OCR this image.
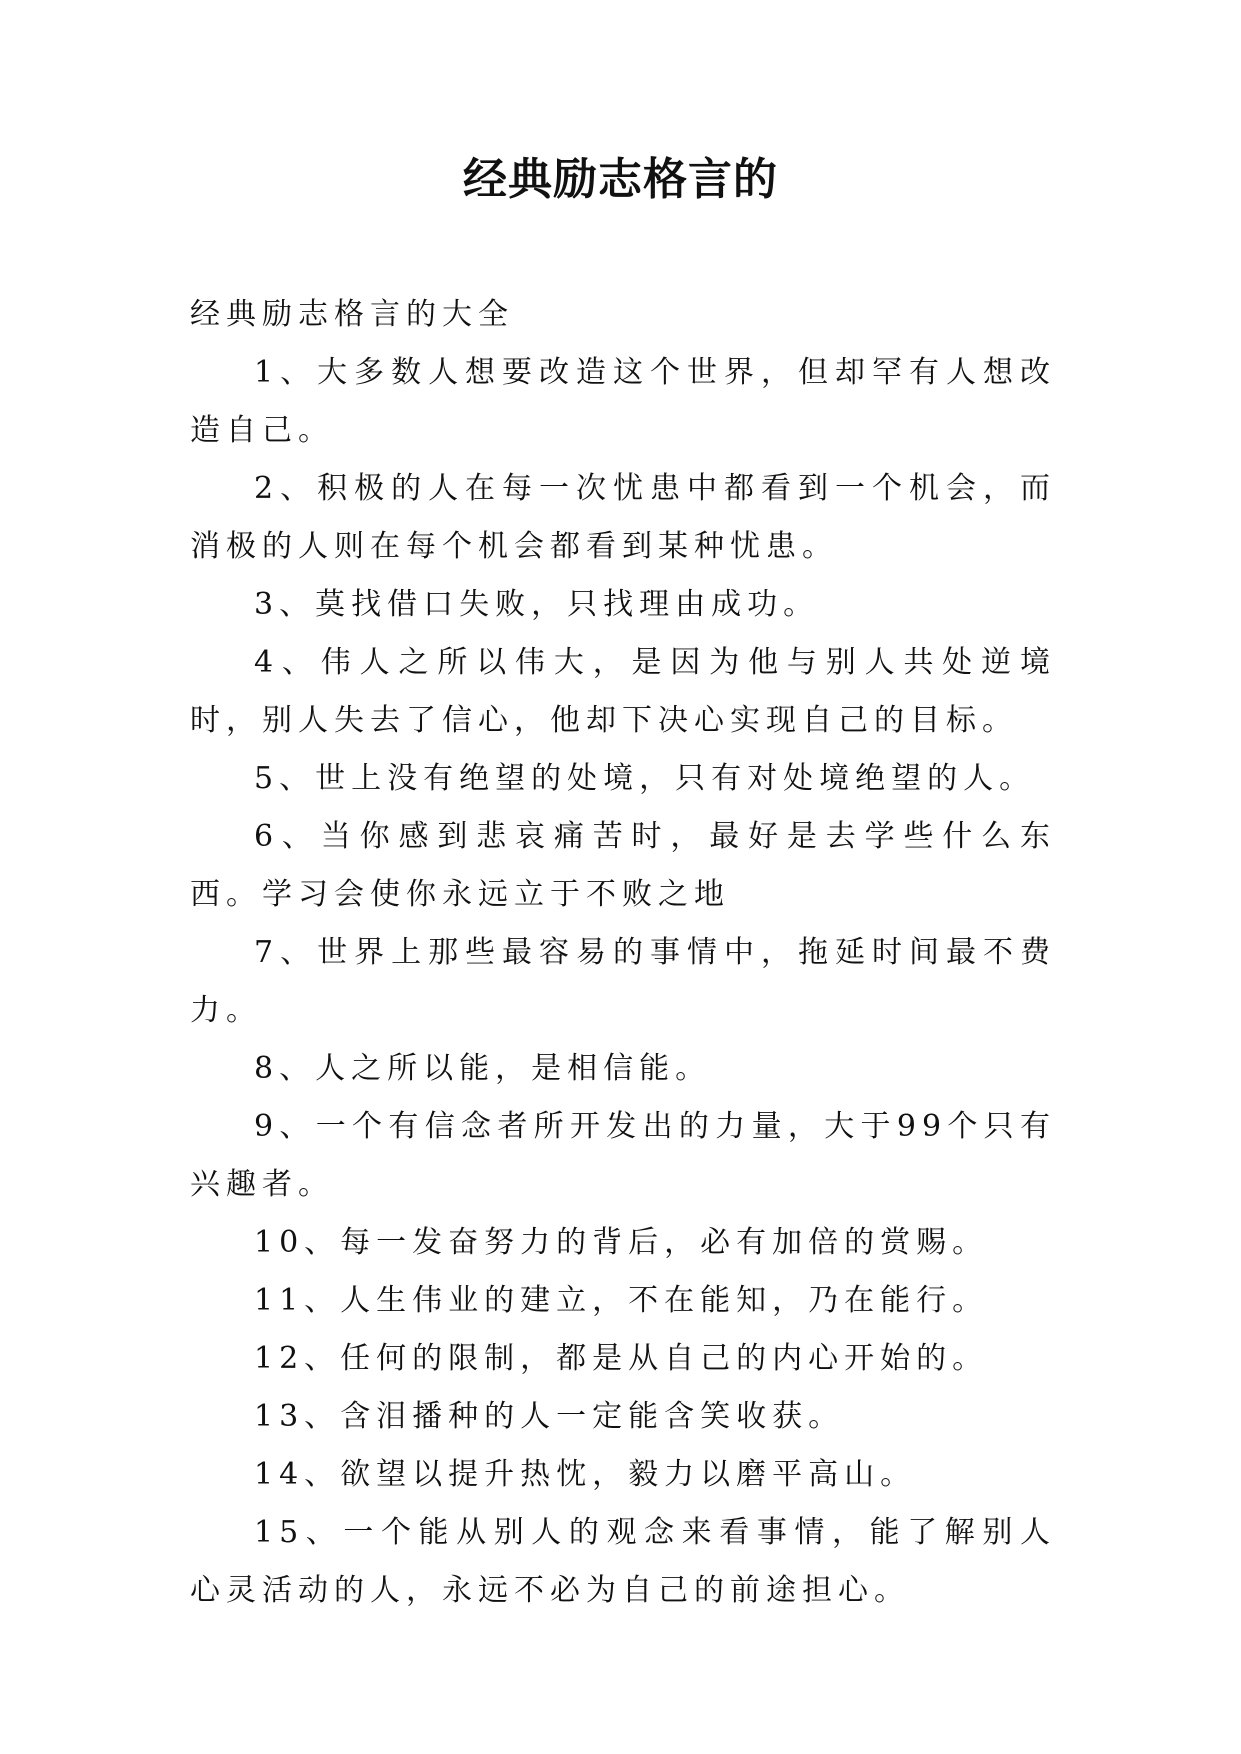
经典励志格言的

经典励志格言的大全

1、大多数人想要改造这个世界，但却罕有人想改造自己。
2、积极的人在每一次忧患中都看到一个机会，而消极的人则在每个机会都看到某种忧患。
3、莫找借口失败，只找理由成功。
4、伟人之所以伟大，是因为他与别人共处逆境时，别人失去了信心，他却下决心实现自己的目标。
5、世上没有绝望的处境，只有对处境绝望的人。
6、当你感到悲哀痛苦时，最好是去学些什么东西。学习会使你永远立于不败之地
7、世界上那些最容易的事情中，拖延时间最不费力。
8、人之所以能，是相信能。
9、一个有信念者所开发出的力量，大于99个只有兴趣者。
10、每一发奋努力的背后，必有加倍的赏赐。
11、人生伟业的建立，不在能知，乃在能行。
12、任何的限制，都是从自己的内心开始的。
13、含泪播种的人一定能含笑收获。
14、欲望以提升热忱，毅力以磨平高山。
15、一个能从别人的观念来看事情，能了解别人心灵活动的人，永远不必为自己的前途担心。
